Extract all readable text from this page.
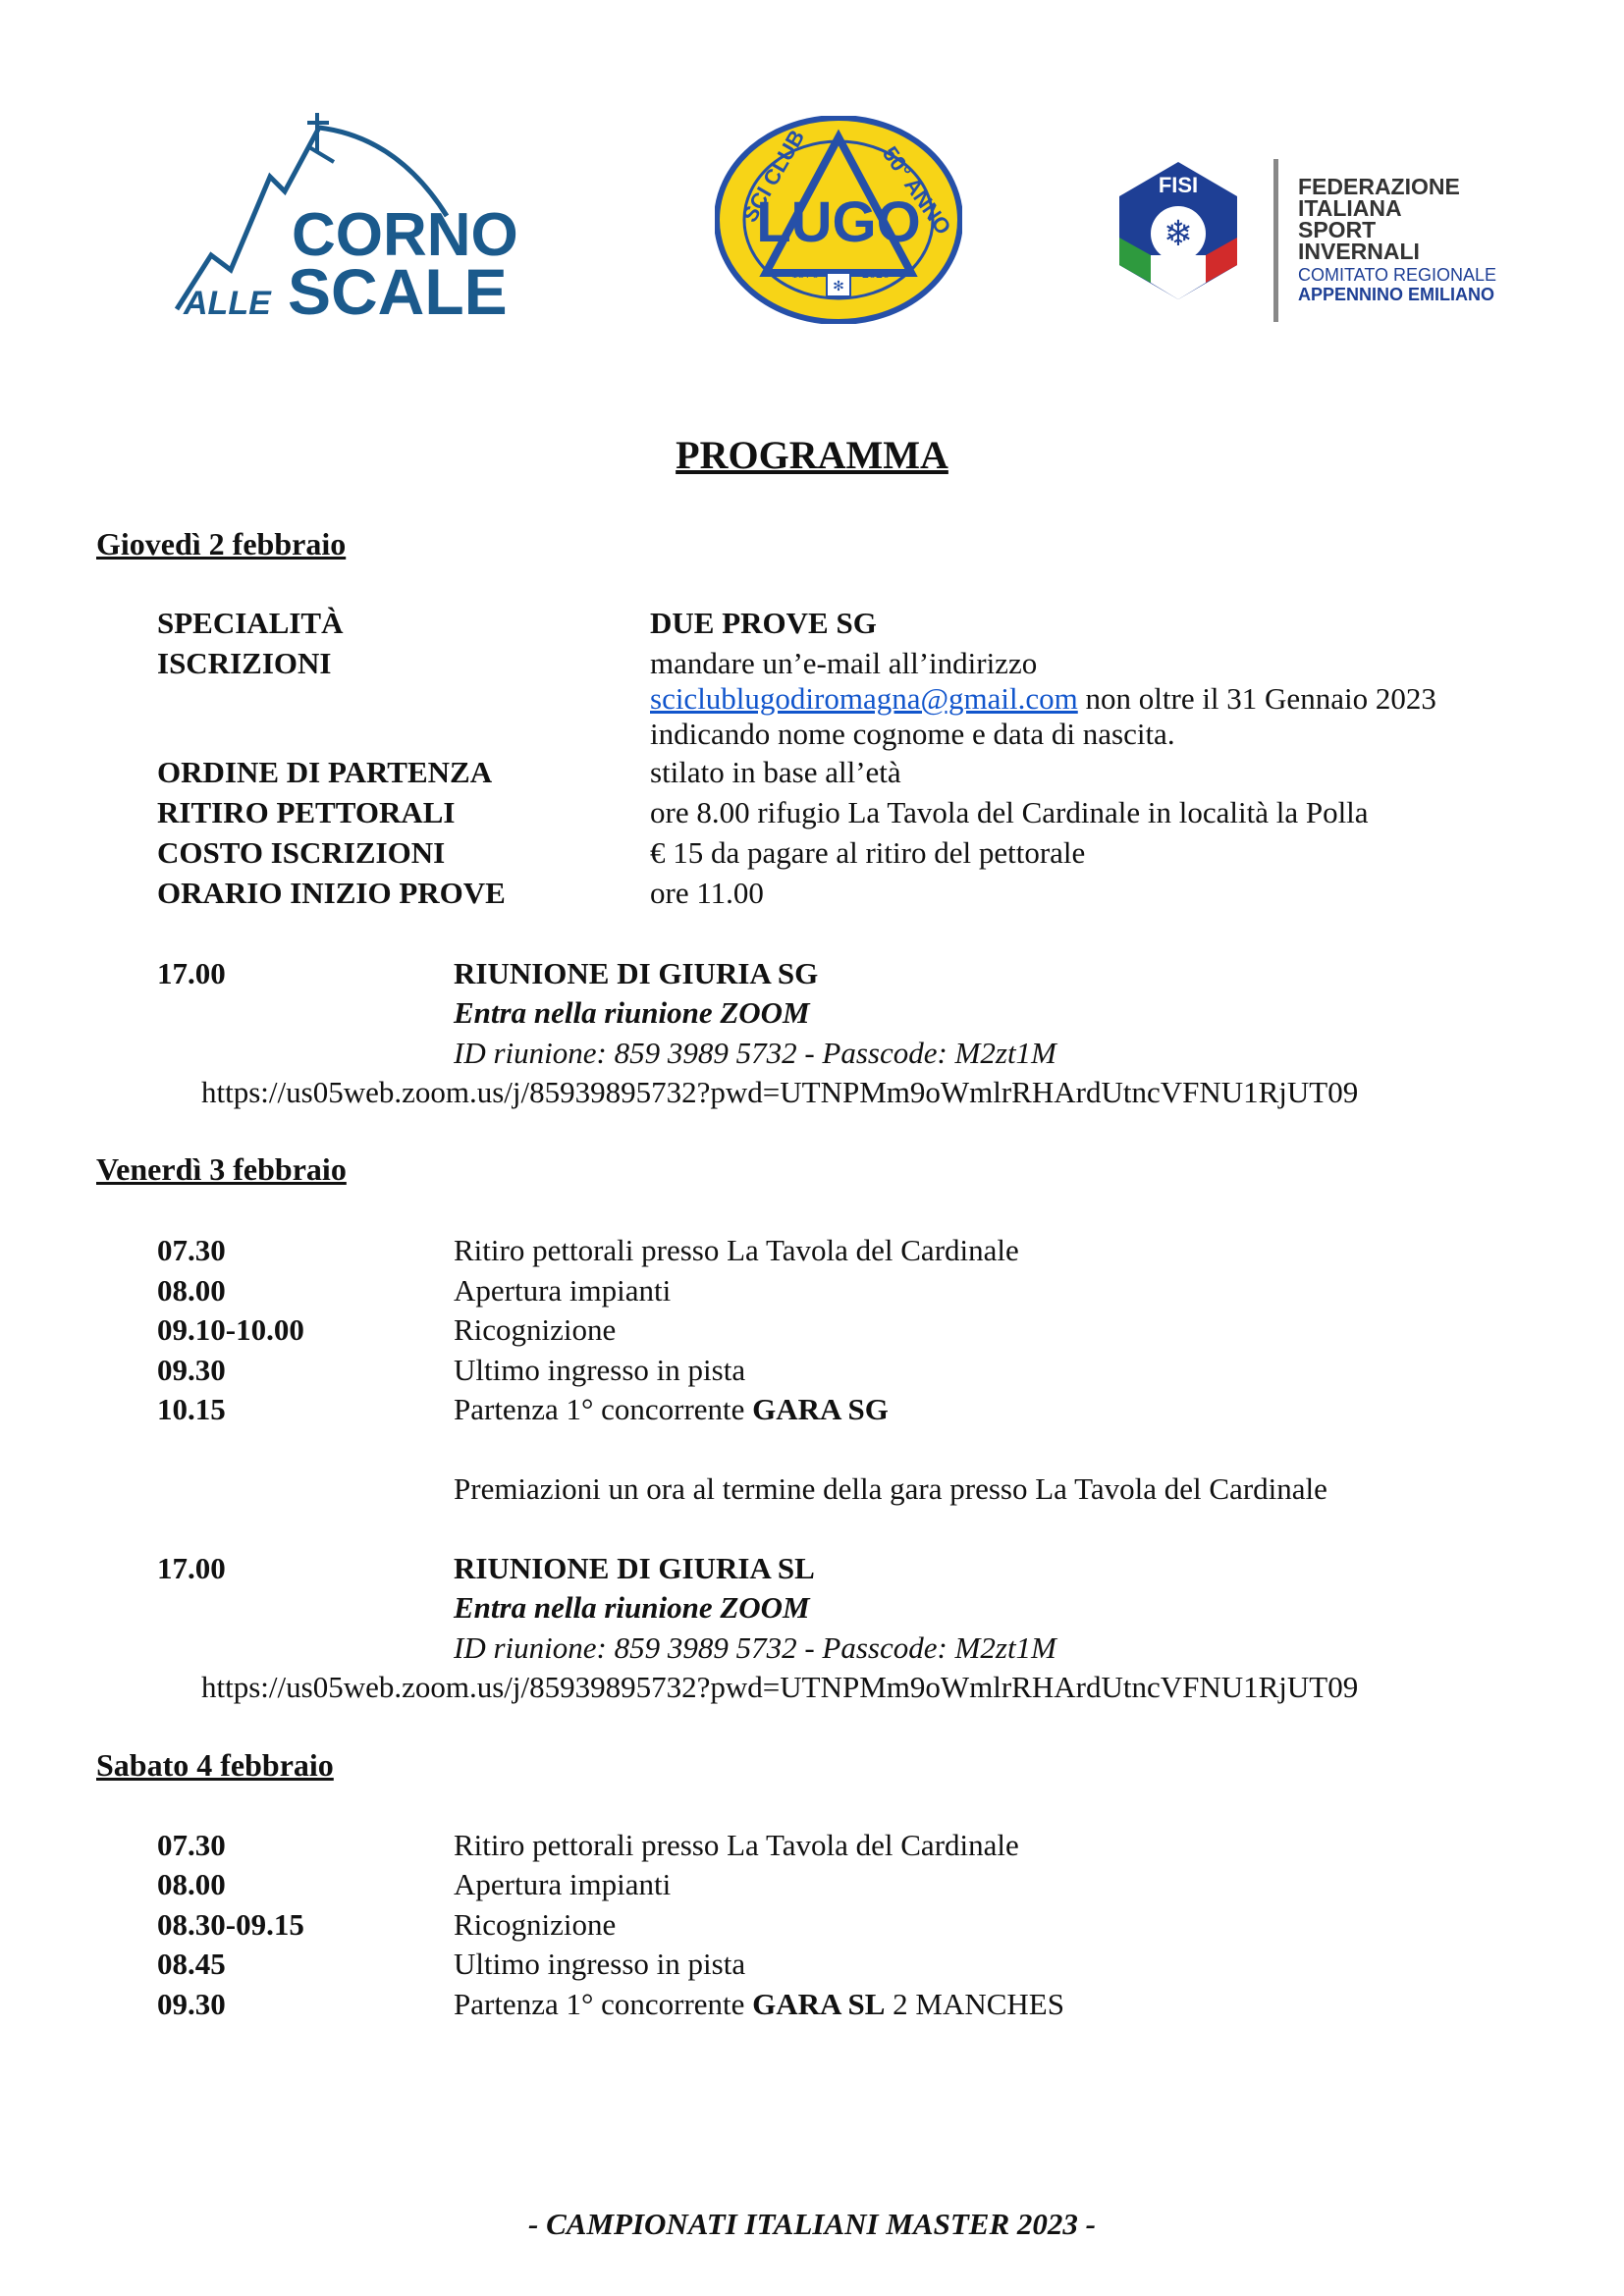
CORNO
ALLE SCALE
LUGO
SCI CLUB	50° ANNO
1970	2020
✻
❄
FISI	FEDERAZIONE
ITALIANA
SPORT
INVERNALI
COMITATO REGIONALE
APPENNINO EMILIANO
PROGRAMMA
Giovedì 2 febbraio
SPECIALITÀ	DUE PROVE SG
ISCRIZIONI	mandare un’e-mail all’indirizzo
sciclublugodiromagna@gmail.com non oltre il 31 Gennaio 2023
indicando nome cognome e data di nascita.
ORDINE DI PARTENZA	stilato in base all’età
RITIRO PETTORALI	ore 8.00 rifugio La Tavola del Cardinale in località la Polla
COSTO ISCRIZIONI	€ 15 da pagare al ritiro del pettorale
ORARIO INIZIO PROVE	ore 11.00
17.00	RIUNIONE DI GIURIA SG
Entra nella riunione ZOOM
ID riunione: 859 3989 5732 - Passcode: M2zt1M
https://us05web.zoom.us/j/85939895732?pwd=UTNPMm9oWmlrRHArdUtncVFNU1RjUT09
Venerdì 3 febbraio
07.30	Ritiro pettorali presso La Tavola del Cardinale
08.00	Apertura impianti
09.10-10.00	Ricognizione
09.30	Ultimo ingresso in pista
10.15	Partenza 1° concorrente GARA SG
Premiazioni un ora al termine della gara presso La Tavola del Cardinale
17.00	RIUNIONE DI GIURIA SL
Entra nella riunione ZOOM
ID riunione: 859 3989 5732 - Passcode: M2zt1M
https://us05web.zoom.us/j/85939895732?pwd=UTNPMm9oWmlrRHArdUtncVFNU1RjUT09
Sabato 4 febbraio
07.30	Ritiro pettorali presso La Tavola del Cardinale
08.00	Apertura impianti
08.30-09.15	Ricognizione
08.45	Ultimo ingresso in pista
09.30	Partenza 1° concorrente GARA SL 2 MANCHES
- CAMPIONATI ITALIANI MASTER 2023 -
